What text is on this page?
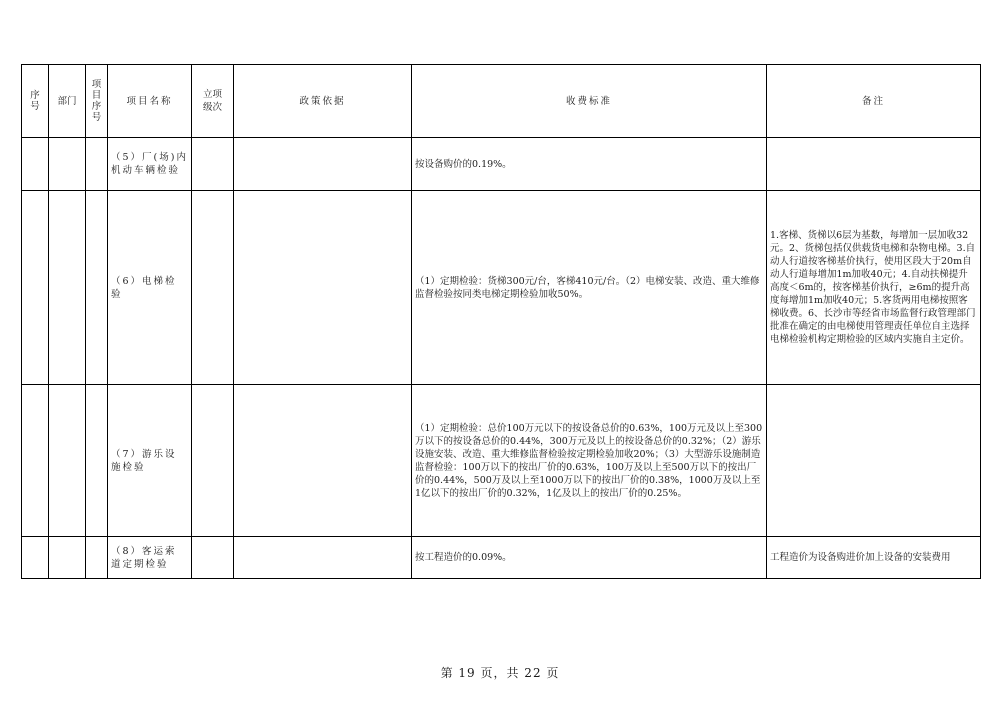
序号	部门	项目序号	项目名称	立项级次	政策依据	收费标准	备注
			（5）厂(场)内机动车辆检验			按设备购价的0.19%。	
			（6）电梯检验			（1）定期检验：货梯300元/台，客梯410元/台。（2）电梯安装、改造、重大维修监督检验按同类电梯定期检验加收50%。	1.客梯、货梯以6层为基数，每增加一层加收32元。2、货梯包括仅供载货电梯和杂物电梯。3.自动人行道按客梯基价执行，使用区段大于20m自动人行道每增加1m加收40元；4.自动扶梯提升高度＜6m的，按客梯基价执行，≥6m的提升高度每增加1m加收40元；5.客货两用电梯按照客梯收费。6、长沙市等经省市场监督行政管理部门批准在确定的由电梯使用管理责任单位自主选择电梯检验机构定期检验的区域内实施自主定价。
			（7）游乐设施检验			（1）定期检验：总价100万元以下的按设备总价的0.63%，100万元及以上至300万以下的按设备总价的0.44%，300万元及以上的按设备总价的0.32%；（2）游乐设施安装、改造、重大维修监督检验按定期检验加收20%；（3）大型游乐设施制造监督检验：100万以下的按出厂价的0.63%，100万及以上至500万以下的按出厂价的0.44%，500万及以上至1000万以下的按出厂价的0.38%，1000万及以上至1亿以下的按出厂价的0.32%，1亿及以上的按出厂价的0.25%。	
			（8）客运索道定期检验			按工程造价的0.09%。	工程造价为设备购进价加上设备的安装费用
第 19 页，共 22 页
